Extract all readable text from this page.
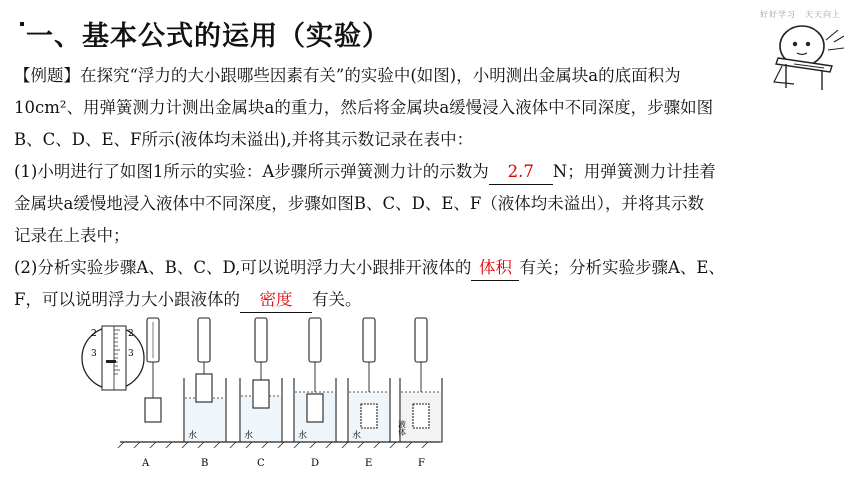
一、基本公式的运用（实验）
好好学习　天天向上
【例题】在探究“浮力的大小跟哪些因素有关”的实验中(如图)，小明测出金属块a的底面积为
10cm²、用弹簧测力计测出金属块a的重力，然后将金属块a缓慢浸入液体中不同深度，步骤如图
B、C、D、E、F所示(液体均未溢出),并将其示数记录在表中：
(1)小明进行了如图1所示的实验：A步骤所示弹簧测力计的示数为 2.7 N；用弹簧测力计挂着
金属块a缓慢地浸入液体中不同深度，步骤如图B、C、D、E、F（液体均未溢出），并将其示数
记录在上表中；
(2)分析实验步骤A、B、C、D,可以说明浮力大小跟排开液体的 体积 有关；分析实验步骤A、E、
F，可以说明浮力大小跟液体的 密度 有关。
2
3
2
3
水	水	水	水	液体
A	B	C	D	E	F
